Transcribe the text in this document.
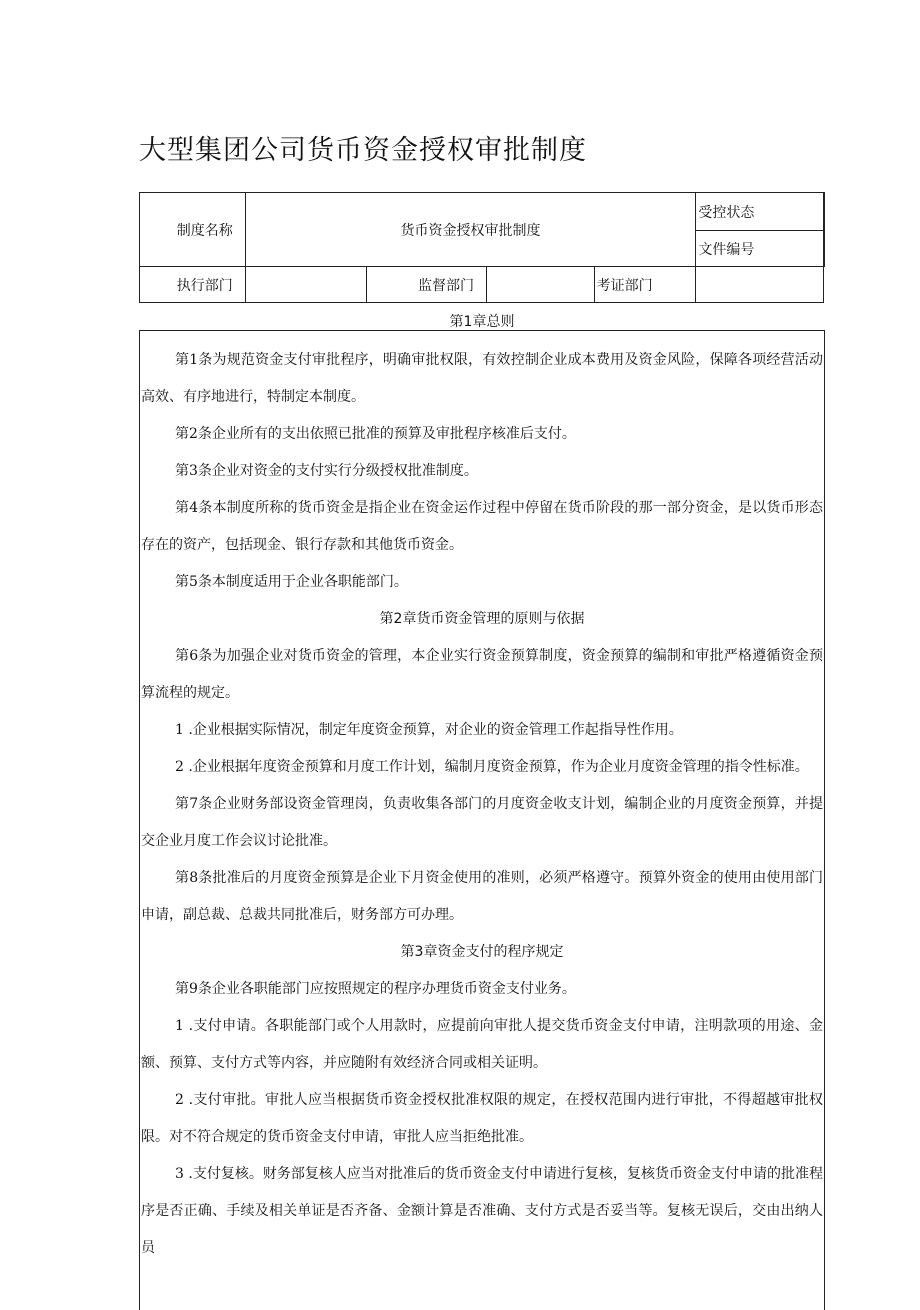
大型集团公司货币资金授权审批制度
制度名称	货币资金授权审批制度				受控状态	
					文件编号	
执行部门		监督部门		考证部门		
第1章总则

第1条为规范资金支付审批程序，明确审批权限，有效控制企业成本费用及资金风险，保障各项经营活动高效、有序地进行，特制定本制度。

第2条企业所有的支出依照已批准的预算及审批程序核准后支付。

第3条企业对资金的支付实行分级授权批准制度。

第4条本制度所称的货币资金是指企业在资金运作过程中停留在货币阶段的那一部分资金，是以货币形态存在的资产，包括现金、银行存款和其他货币资金。

第5条本制度适用于企业各职能部门。

第2章货币资金管理的原则与依据

第6条为加强企业对货币资金的管理，本企业实行资金预算制度，资金预算的编制和审批严格遵循资金预算流程的规定。

1 .企业根据实际情况，制定年度资金预算，对企业的资金管理工作起指导性作用。

2 .企业根据年度资金预算和月度工作计划，编制月度资金预算，作为企业月度资金管理的指令性标准。

第7条企业财务部设资金管理岗，负责收集各部门的月度资金收支计划，编制企业的月度资金预算，并提交企业月度工作会议讨论批准。

第8条批准后的月度资金预算是企业下月资金使用的准则，必须严格遵守。预算外资金的使用由使用部门申请，副总裁、总裁共同批准后，财务部方可办理。

第3章资金支付的程序规定

第9条企业各职能部门应按照规定的程序办理货币资金支付业务。

1 .支付申请。各职能部门或个人用款时，应提前向审批人提交货币资金支付申请，注明款项的用途、金额、预算、支付方式等内容，并应随附有效经济合同或相关证明。

2 .支付审批。审批人应当根据货币资金授权批准权限的规定，在授权范围内进行审批，不得超越审批权限。对不符合规定的货币资金支付申请，审批人应当拒绝批准。

3 .支付复核。财务部复核人应当对批准后的货币资金支付申请进行复核，复核货币资金支付申请的批准程序是否正确、手续及相关单证是否齐备、金额计算是否准确、支付方式是否妥当等。复核无误后，交由出纳人员
